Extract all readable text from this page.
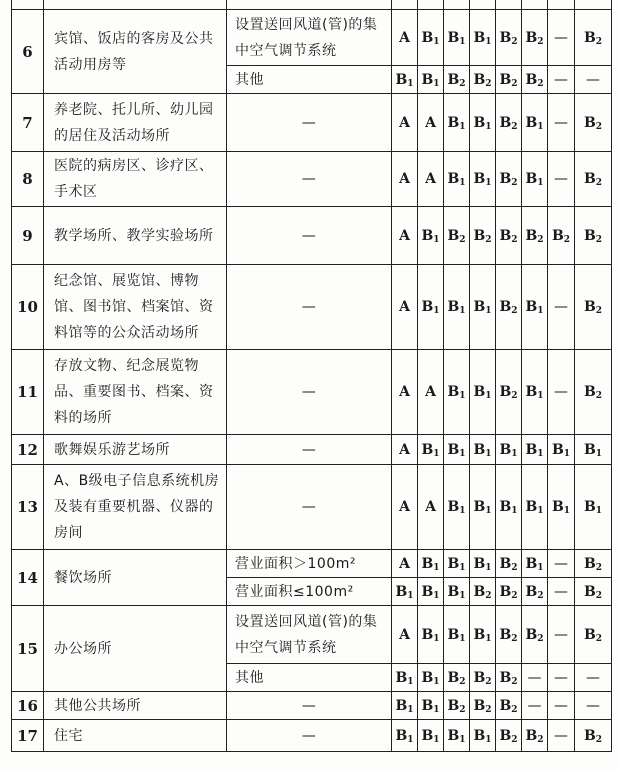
6	宾馆、饭店的客房及公共活动用房等	设置送回风道(管)的集中空气调节系统	A	$B_1$	$B_1$	$B_1$	$B_2$	$B_2$	—	$B_2$
		其他	$B_1$	$B_1$	$B_2$	$B_2$	$B_2$	$B_2$	—	—
7	养老院、托儿所、幼儿园的居住及活动场所	—	A	A	$B_1$	$B_1$	$B_2$	$B_1$	—	$B_2$
8	医院的病房区、诊疗区、手术区	—	A	A	$B_1$	$B_1$	$B_2$	$B_1$	—	$B_2$
9	教学场所、教学实验场所	—	A	$B_1$	$B_2$	$B_2$	$B_2$	$B_2$	$B_2$	$B_2$
10	纪念馆、展览馆、博物馆、图书馆、档案馆、资料馆等的公众活动场所	—	A	$B_1$	$B_1$	$B_1$	$B_2$	$B_1$	—	$B_2$
11	存放文物、纪念展览物品、重要图书、档案、资料的场所	—	A	A	$B_1$	$B_1$	$B_2$	$B_1$	—	$B_2$
12	歌舞娱乐游艺场所	—	A	$B_1$	$B_1$	$B_1$	$B_1$	$B_1$	$B_1$	$B_1$
13	A、B级电子信息系统机房及装有重要机器、仪器的房间	—	A	A	$B_1$	$B_1$	$B_1$	$B_1$	$B_1$	$B_1$
14	餐饮场所	营业面积＞100m²	A	$B_1$	$B_1$	$B_1$	$B_2$	$B_1$	—	$B_2$
		营业面积≤100m²	$B_1$	$B_1$	$B_1$	$B_2$	$B_2$	$B_2$	—	$B_2$
15	办公场所	设置送回风道(管)的集中空气调节系统	A	$B_1$	$B_1$	$B_1$	$B_2$	$B_2$	—	$B_2$
		其他	$B_1$	$B_1$	$B_2$	$B_2$	$B_2$	—	—	—
16	其他公共场所	—	$B_1$	$B_1$	$B_2$	$B_2$	$B_2$	—	—	—
17	住宅	—	$B_1$	$B_1$	$B_1$	$B_1$	$B_2$	$B_2$	—	$B_2$
